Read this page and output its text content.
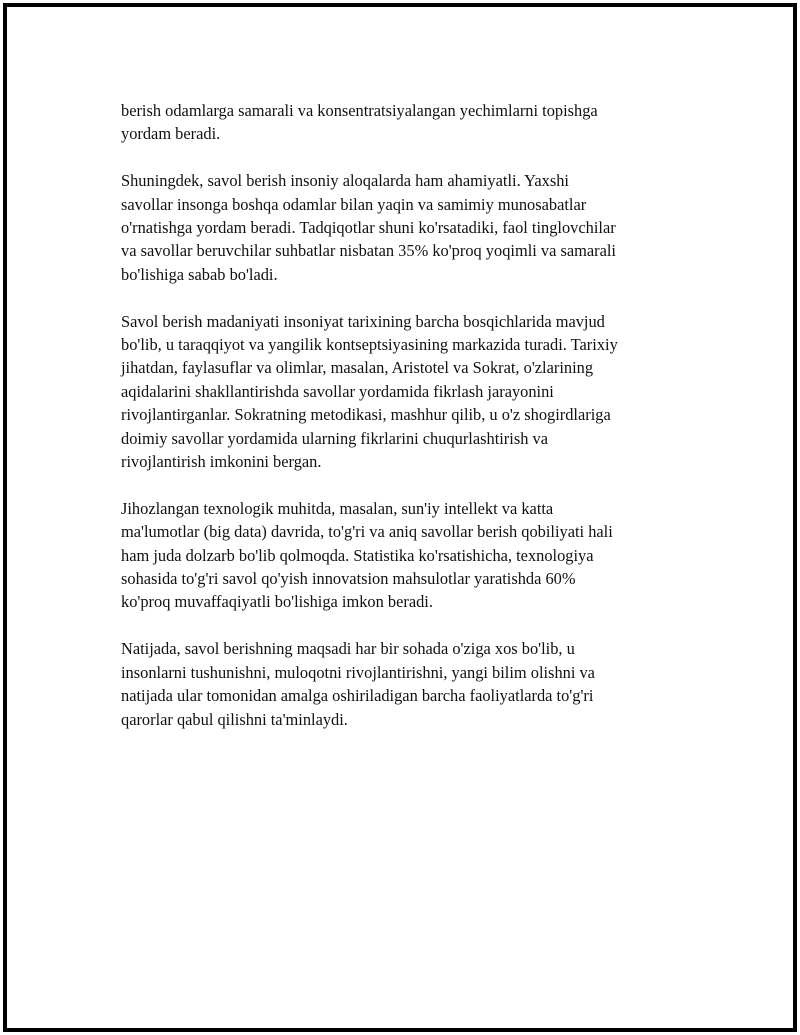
berish odamlarga samarali va konsentratsiyalangan yechimlarni topishga
yordam beradi.

Shuningdek, savol berish insoniy aloqalarda ham ahamiyatli. Yaxshi
savollar insonga boshqa odamlar bilan yaqin va samimiy munosabatlar
o'rnatishga yordam beradi. Tadqiqotlar shuni ko'rsatadiki, faol tinglovchilar
va savollar beruvchilar suhbatlar nisbatan 35% ko'proq yoqimli va samarali
bo'lishiga sabab bo'ladi.

Savol berish madaniyati insoniyat tarixining barcha bosqichlarida mavjud
bo'lib, u taraqqiyot va yangilik kontseptsiyasining markazida turadi. Tarixiy
jihatdan, faylasuflar va olimlar, masalan, Aristotel va Sokrat, o'zlarining
aqidalarini shakllantirishda savollar yordamida fikrlash jarayonini
rivojlantirganlar. Sokratning metodikasi, mashhur qilib, u o'z shogirdlariga
doimiy savollar yordamida ularning fikrlarini chuqurlashtirish va
rivojlantirish imkonini bergan.

Jihozlangan texnologik muhitda, masalan, sun'iy intellekt va katta
ma'lumotlar (big data) davrida, to'g'ri va aniq savollar berish qobiliyati hali
ham juda dolzarb bo'lib qolmoqda. Statistika ko'rsatishicha, texnologiya
sohasida to'g'ri savol qo'yish innovatsion mahsulotlar yaratishda 60%
ko'proq muvaffaqiyatli bo'lishiga imkon beradi.

Natijada, savol berishning maqsadi har bir sohada o'ziga xos bo'lib, u
insonlarni tushunishni, muloqotni rivojlantirishni, yangi bilim olishni va
natijada ular tomonidan amalga oshiriladigan barcha faoliyatlarda to'g'ri
qarorlar qabul qilishni ta'minlaydi.
